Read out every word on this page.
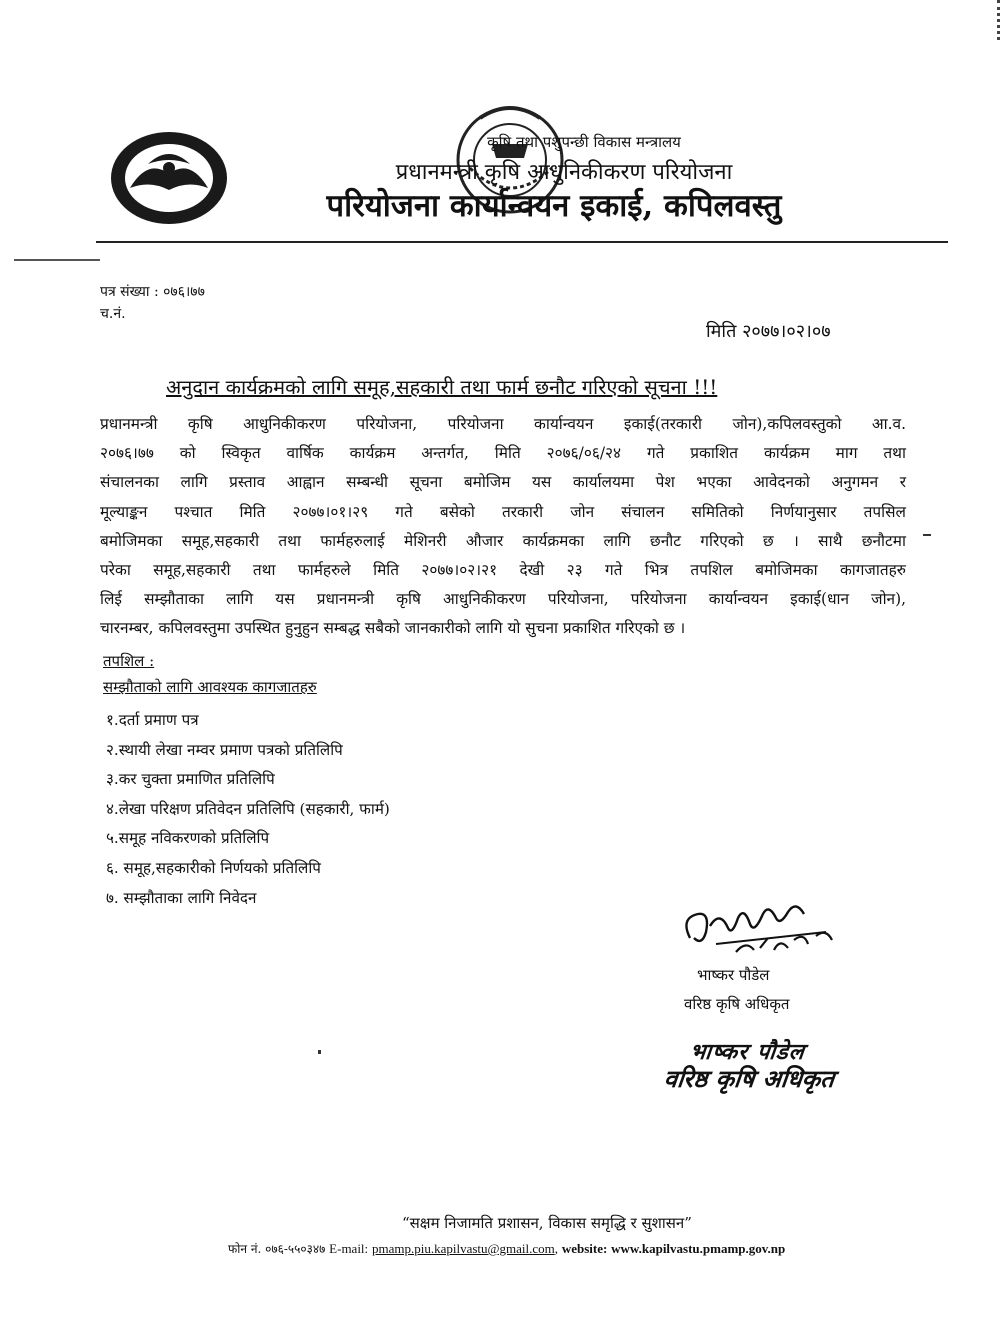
कृषि तथा पशुपन्छी विकास मन्त्रालय
प्रधानमन्त्री कृषि आधुनिकीकरण परियोजना
परियोजना कार्यान्वयन इकाई, कपिलवस्तु
पत्र संख्या : ०७६।७७
च.नं.
मिति २०७७।०२।०७
अनुदान कार्यक्रमको लागि समूह,सहकारी तथा फार्म छनौट गरिएको सूचना !!!

प्रधानमन्त्री कृषि आधुनिकीकरण परियोजना, परियोजना कार्यान्वयन इकाई(तरकारी जोन),कपिलवस्तुको आ.व.

२०७६।७७ को स्विकृत वार्षिक कार्यक्रम अन्तर्गत, मिति २०७६/०६/२४ गते प्रकाशित कार्यक्रम माग तथा

संचालनका लागि प्रस्ताव आह्वान सम्बन्धी सूचना बमोजिम यस कार्यालयमा पेश भएका आवेदनको अनुगमन र

मूल्याङ्कन पश्चात मिति २०७७।०१।२९ गते बसेको तरकारी जोन संचालन समितिको निर्णयानुसार तपसिल

बमोजिमका समूह,सहकारी तथा फार्महरुलाई मेशिनरी औजार कार्यक्रमका लागि छनौट गरिएको छ । साथै छनौटमा

परेका समूह,सहकारी तथा फार्महरुले मिति २०७७।०२।२१ देखी २३ गते भित्र तपशिल बमोजिमका कागजातहरु

लिई सम्झौताका लागि यस प्रधानमन्त्री कृषि आधुनिकीकरण परियोजना, परियोजना कार्यान्वयन इकाई(धान जोन),

चारनम्बर, कपिलवस्तुमा उपस्थित हुनुहुन सम्बद्ध सबैको जानकारीको लागि यो सुचना प्रकाशित गरिएको छ ।

तपशिल :
सम्झौताको लागि आवश्यक कागजातहरु
१.दर्ता प्रमाण पत्र
२.स्थायी लेखा नम्वर प्रमाण पत्रको प्रतिलिपि
३.कर चुक्ता प्रमाणित प्रतिलिपि
४.लेखा परिक्षण प्रतिवेदन प्रतिलिपि (सहकारी, फार्म)
५.समूह नविकरणको प्रतिलिपि
६. समूह,सहकारीको निर्णयको प्रतिलिपि
७. सम्झौताका लागि निवेदन
भाष्कर पौडेल
वरिष्ठ कृषि अधिकृत
भाष्कर पौडेल
वरिष्ठ कृषि अधिकृत
“सक्षम निजामति प्रशासन, विकास समृद्धि र सुशासन”
फोन नं. ०७६-५५०३४७ E-mail: pmamp.piu.kapilvastu@gmail.com, website: www.kapilvastu.pmamp.gov.np
